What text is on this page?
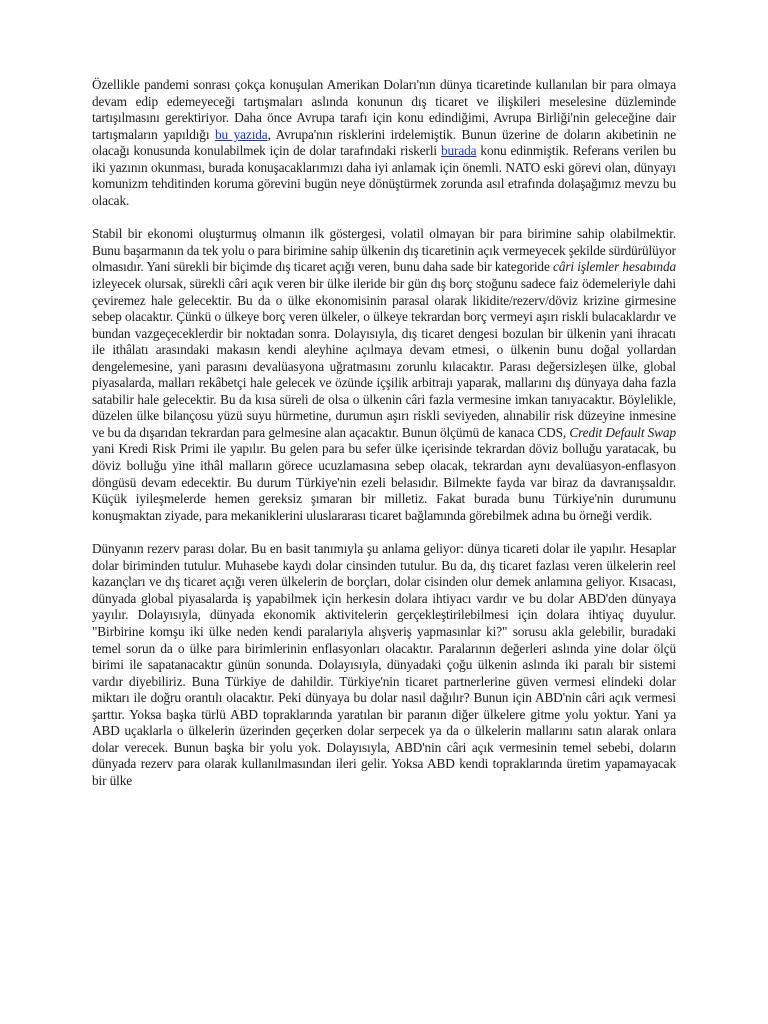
Özellikle pandemi sonrası çokça konuşulan Amerikan Doları'nın dünya ticaretinde kullanılan bir para olmaya devam edip edemeyeceği tartışmaları aslında konunun dış ticaret ve ilişkileri meselesine düzleminde tartışılmasını gerektiriyor. Daha önce Avrupa tarafı için konu edindiğimi, Avrupa Birliği'nin geleceğine dair tartışmaların yapıldığı bu yazıda, Avrupa'nın risklerini irdelemiştik. Bunun üzerine de doların akıbetinin ne olacağı konusunda konulabilmek için de dolar tarafındaki riskerli burada konu edinmiştik. Referans verilen bu iki yazının okunması, burada konuşacaklarımızı daha iyi anlamak için önemli. NATO eski görevi olan, dünyayı komunizm tehditinden koruma görevini bugün neye dönüştürmek zorunda asıl etrafında dolaşağımız mevzu bu olacak.

Stabil bir ekonomi oluşturmuş olmanın ilk göstergesi, volatil olmayan bir para birimine sahip olabilmektir. Bunu başarmanın da tek yolu o para birimine sahip ülkenin dış ticaretinin açık vermeyecek şekilde sürdürülüyor olmasıdır. Yani sürekli bir biçimde dış ticaret açığı veren, bunu daha sade bir kategoride câri işlemler hesabında izleyecek olursak, sürekli câri açık veren bir ülke ileride bir gün dış borç stoğunu sadece faiz ödemeleriyle dahi çeviremez hale gelecektir. Bu da o ülke ekonomisinin parasal olarak likidite/rezerv/döviz krizine girmesine sebep olacaktır. Çünkü o ülkeye borç veren ülkeler, o ülkeye tekrardan borç vermeyi aşırı riskli bulacaklardır ve bundan vazgeçeceklerdir bir noktadan sonra. Dolayısıyla, dış ticaret dengesi bozulan bir ülkenin yani ihracatı ile ithâlatı arasındaki makasın kendi aleyhine açılmaya devam etmesi, o ülkenin bunu doğal yollardan dengelemesine, yani parasını devalüasyona uğratmasını zorunlu kılacaktır. Parası değersizleşen ülke, global piyasalarda, malları rekâbetçi hale gelecek ve özünde içşilik arbitrajı yaparak, mallarını dış dünyaya daha fazla satabilir hale gelecektir. Bu da kısa süreli de olsa o ülkenin câri fazla vermesine imkan tanıyacaktır. Böylelikle, düzelen ülke bilançosu yüzü suyu hürmetine, durumun aşırı riskli seviyeden, alınabilir risk düzeyine inmesine ve bu da dışarıdan tekrardan para gelmesine alan açacaktır. Bunun ölçümü de kanaca CDS, Credit Default Swap yani Kredi Risk Primi ile yapılır. Bu gelen para bu sefer ülke içerisinde tekrardan döviz bolluğu yaratacak, bu döviz bolluğu yine ithâl malların görece ucuzlamasına sebep olacak, tekrardan aynı devalüasyon-enflasyon döngüsü devam edecektir. Bu durum Türkiye'nin ezeli belasıdır. Bilmekte fayda var biraz da davranışsaldır. Küçük iyileşmelerde hemen gereksiz şımaran bir milletiz. Fakat burada bunu Türkiye'nin durumunu konuşmaktan ziyade, para mekaniklerini uluslararası ticaret bağlamında görebilmek adına bu örneği verdik.

Dünyanın rezerv parası dolar. Bu en basit tanımıyla şu anlama geliyor: dünya ticareti dolar ile yapılır. Hesaplar dolar biriminden tutulur. Muhasebe kaydı dolar cinsinden tutulur. Bu da, dış ticaret fazlası veren ülkelerin reel kazançları ve dış ticaret açığı veren ülkelerin de borçları, dolar cisinden olur demek anlamına geliyor. Kısacası, dünyada global piyasalarda iş yapabilmek için herkesin dolara ihtiyacı vardır ve bu dolar ABD'den dünyaya yayılır. Dolayısıyla, dünyada ekonomik aktivitelerin gerçekleştirilebilmesi için dolara ihtiyaç duyulur. "Birbirine komşu iki ülke neden kendi paralarıyla alışveriş yapmasınlar ki?" sorusu akla gelebilir, buradaki temel sorun da o ülke para birimlerinin enflasyonları olacaktır. Paralarının değerleri aslında yine dolar ölçü birimi ile sapatanacaktır günün sonunda. Dolayısıyla, dünyadaki çoğu ülkenin aslında iki paralı bir sistemi vardır diyebiliriz. Buna Türkiye de dahildir. Türkiye'nin ticaret partnerlerine güven vermesi elindeki dolar miktarı ile doğru orantılı olacaktır. Peki dünyaya bu dolar nasıl dağılır? Bunun için ABD'nin câri açık vermesi şarttır. Yoksa başka türlü ABD topraklarında yaratılan bir paranın diğer ülkelere gitme yolu yoktur. Yani ya ABD uçaklarla o ülkelerin üzerinden geçerken dolar serpecek ya da o ülkelerin mallarını satın alarak onlara dolar verecek. Bunun başka bir yolu yok. Dolayısıyla, ABD'nin câri açık vermesinin temel sebebi, doların dünyada rezerv para olarak kullanılmasından ileri gelir. Yoksa ABD kendi topraklarında üretim yapamayacak bir ülke
